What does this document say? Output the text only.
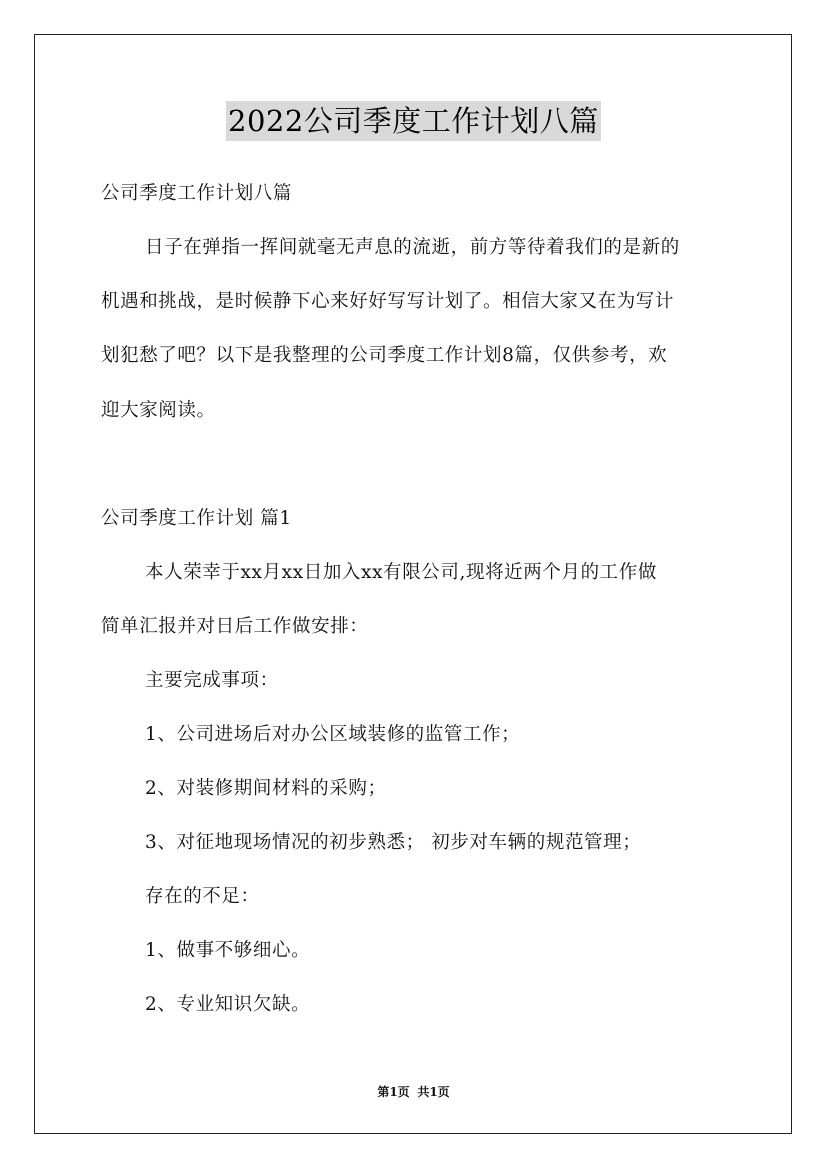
2022公司季度工作计划八篇
公司季度工作计划八篇
日子在弹指一挥间就毫无声息的流逝，前方等待着我们的是新的
机遇和挑战，是时候静下心来好好写写计划了。相信大家又在为写计
划犯愁了吧？以下是我整理的公司季度工作计划8篇，仅供参考，欢
迎大家阅读。
公司季度工作计划 篇1
本人荣幸于xx月xx日加入xx有限公司,现将近两个月的工作做
简单汇报并对日后工作做安排：
主要完成事项：
1、公司进场后对办公区域装修的监管工作；
2、对装修期间材料的采购；
3、对征地现场情况的初步熟悉； 初步对车辆的规范管理；
存在的不足：
1、做事不够细心。
2、专业知识欠缺。
第1页 共1页
